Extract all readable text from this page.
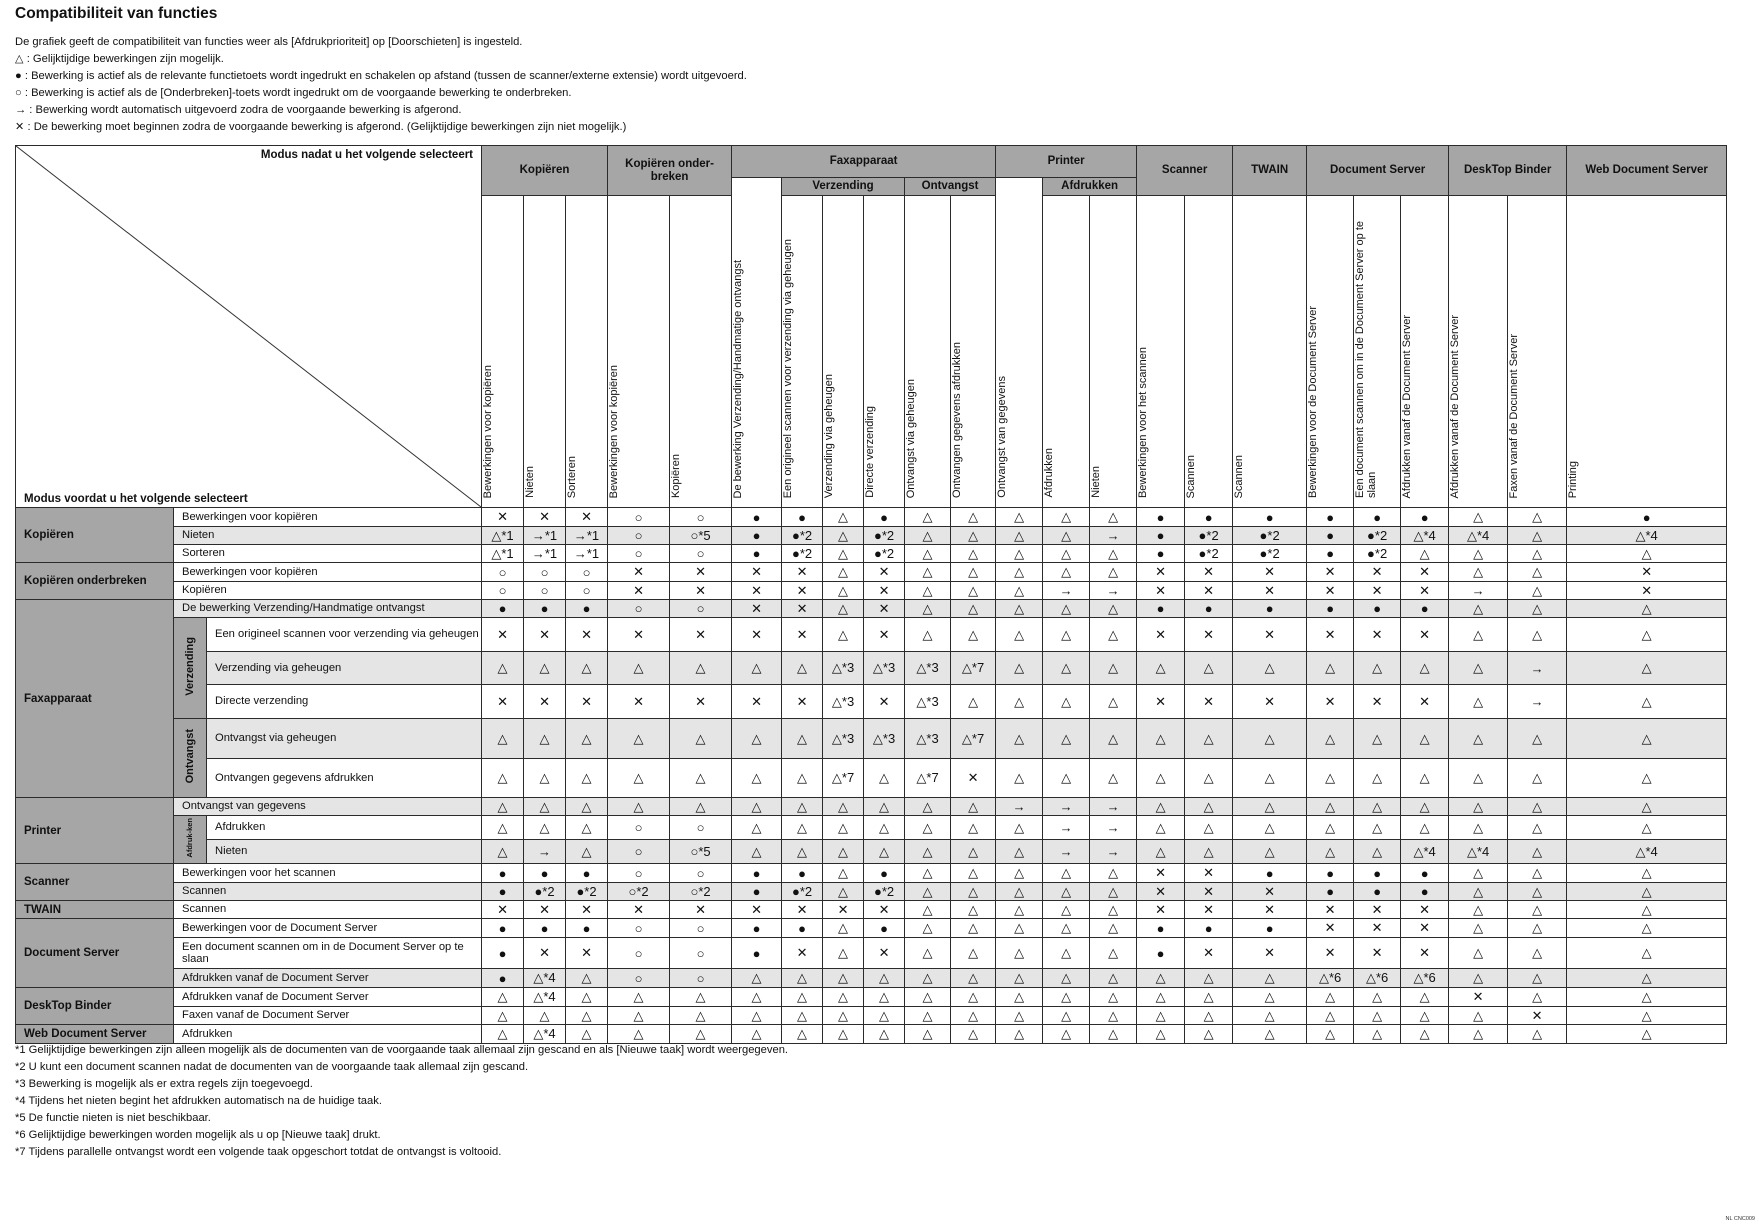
Compatibiliteit van functies
De grafiek geeft de compatibiliteit van functies weer als [Afdrukprioriteit] op [Doorschieten] is ingesteld.
△ : Gelijktijdige bewerkingen zijn mogelijk.
● : Bewerking is actief als de relevante functietoets wordt ingedrukt en schakelen op afstand (tussen de scanner/externe extensie) wordt uitgevoerd.
○ : Bewerking is actief als de [Onderbreken]-toets wordt ingedrukt om de voorgaande bewerking te onderbreken.
→ : Bewerking wordt automatisch uitgevoerd zodra de voorgaande bewerking is afgerond.
✕ : De bewerking moet beginnen zodra de voorgaande bewerking is afgerond. (Gelijktijdige bewerkingen zijn niet mogelijk.)
Modus nadat u het volgende selecteert
Modus voordat u het volgende selecteert			Kopiëren			Kopiëren onder-breken		Faxapparaat						Printer			Scanner		TWAIN	Document Server			DeskTop Binder		Web Document Server
								De bewerking Verzending/Handmatige ontvangst	Verzending			Ontvangst		Ontvangst van gegevens	Afdrukken										
			Bewerkingen voor kopiëren	Nieten	Sorteren	Bewerkingen voor kopiëren	Kopiëren		Een origineel scannen voor verzending via geheugen	Verzending via geheugen	Directe verzending	Ontvangst via geheugen	Ontvangen gegevens afdrukken		Afdrukken	Nieten	Bewerkingen voor het scannen	Scannen	Scannen	Bewerkingen voor de Document Server	Een document scannen om in de Document Server op te slaan	Afdrukken vanaf de Document Server	Afdrukken vanaf de Document Server	Faxen vanaf de Document Server	Printing
Kopiëren	Bewerkingen voor kopiëren		✕	✕	✕	○	○	●	●	△	●	△	△	△	△	△	●	●	●	●	●	●	△	△	●
	Nieten		△*1	→*1	→*1	○	○*5	●	●*2	△	●*2	△	△	△	△	→	●	●*2	●*2	●	●*2	△*4	△*4	△	△*4
	Sorteren		△*1	→*1	→*1	○	○	●	●*2	△	●*2	△	△	△	△	△	●	●*2	●*2	●	●*2	△	△	△	△
Kopiëren onderbreken	Bewerkingen voor kopiëren		○	○	○	✕	✕	✕	✕	△	✕	△	△	△	△	△	✕	✕	✕	✕	✕	✕	△	△	✕
	Kopiëren		○	○	○	✕	✕	✕	✕	△	✕	△	△	△	→	→	✕	✕	✕	✕	✕	✕	→	△	✕
Faxapparaat	De bewerking Verzending/Handmatige ontvangst		●	●	●	○	○	✕	✕	△	✕	△	△	△	△	△	●	●	●	●	●	●	△	△	△
	Verzending	Een origineel scannen voor verzending via geheugen	✕	✕	✕	✕	✕	✕	✕	△	✕	△	△	△	△	△	✕	✕	✕	✕	✕	✕	△	△	△
		Verzending via geheugen	△	△	△	△	△	△	△	△*3	△*3	△*3	△*7	△	△	△	△	△	△	△	△	△	△	→	△
		Directe verzending	✕	✕	✕	✕	✕	✕	✕	△*3	✕	△*3	△	△	△	△	✕	✕	✕	✕	✕	✕	△	→	△
	Ontvangst	Ontvangst via geheugen	△	△	△	△	△	△	△	△*3	△*3	△*3	△*7	△	△	△	△	△	△	△	△	△	△	△	△
		Ontvangen gegevens afdrukken	△	△	△	△	△	△	△	△*7	△	△*7	✕	△	△	△	△	△	△	△	△	△	△	△	△
Printer	Ontvangst van gegevens		△	△	△	△	△	△	△	△	△	△	△	→	→	→	△	△	△	△	△	△	△	△	△
	Afdruk-ken	Afdrukken	△	△	△	○	○	△	△	△	△	△	△	△	→	→	△	△	△	△	△	△	△	△	△
		Nieten	△	→	△	○	○*5	△	△	△	△	△	△	△	→	→	△	△	△	△	△	△*4	△*4	△	△*4
Scanner	Bewerkingen voor het scannen		●	●	●	○	○	●	●	△	●	△	△	△	△	△	✕	✕	●	●	●	●	△	△	△
	Scannen		●	●*2	●*2	○*2	○*2	●	●*2	△	●*2	△	△	△	△	△	✕	✕	✕	●	●	●	△	△	△
TWAIN	Scannen		✕	✕	✕	✕	✕	✕	✕	✕	✕	△	△	△	△	△	✕	✕	✕	✕	✕	✕	△	△	△
Document Server	Bewerkingen voor de Document Server		●	●	●	○	○	●	●	△	●	△	△	△	△	△	●	●	●	✕	✕	✕	△	△	△
	Een document scannen om in de Document Server op te slaan		●	✕	✕	○	○	●	✕	△	✕	△	△	△	△	△	●	✕	✕	✕	✕	✕	△	△	△
	Afdrukken vanaf de Document Server		●	△*4	△	○	○	△	△	△	△	△	△	△	△	△	△	△	△	△*6	△*6	△*6	△	△	△
DeskTop Binder	Afdrukken vanaf de Document Server		△	△*4	△	△	△	△	△	△	△	△	△	△	△	△	△	△	△	△	△	△	✕	△	△
	Faxen vanaf de Document Server		△	△	△	△	△	△	△	△	△	△	△	△	△	△	△	△	△	△	△	△	△	✕	△
Web Document Server	Afdrukken		△	△*4	△	△	△	△	△	△	△	△	△	△	△	△	△	△	△	△	△	△	△	△	△
*1 Gelijktijdige bewerkingen zijn alleen mogelijk als de documenten van de voorgaande taak allemaal zijn gescand en als [Nieuwe taak] wordt weergegeven.
*2 U kunt een document scannen nadat de documenten van de voorgaande taak allemaal zijn gescand.
*3 Bewerking is mogelijk als er extra regels zijn toegevoegd.
*4 Tijdens het nieten begint het afdrukken automatisch na de huidige taak.
*5 De functie nieten is niet beschikbaar.
*6 Gelijktijdige bewerkingen worden mogelijk als u op [Nieuwe taak] drukt.
*7 Tijdens parallelle ontvangst wordt een volgende taak opgeschort totdat de ontvangst is voltooid.
NL CNC009
